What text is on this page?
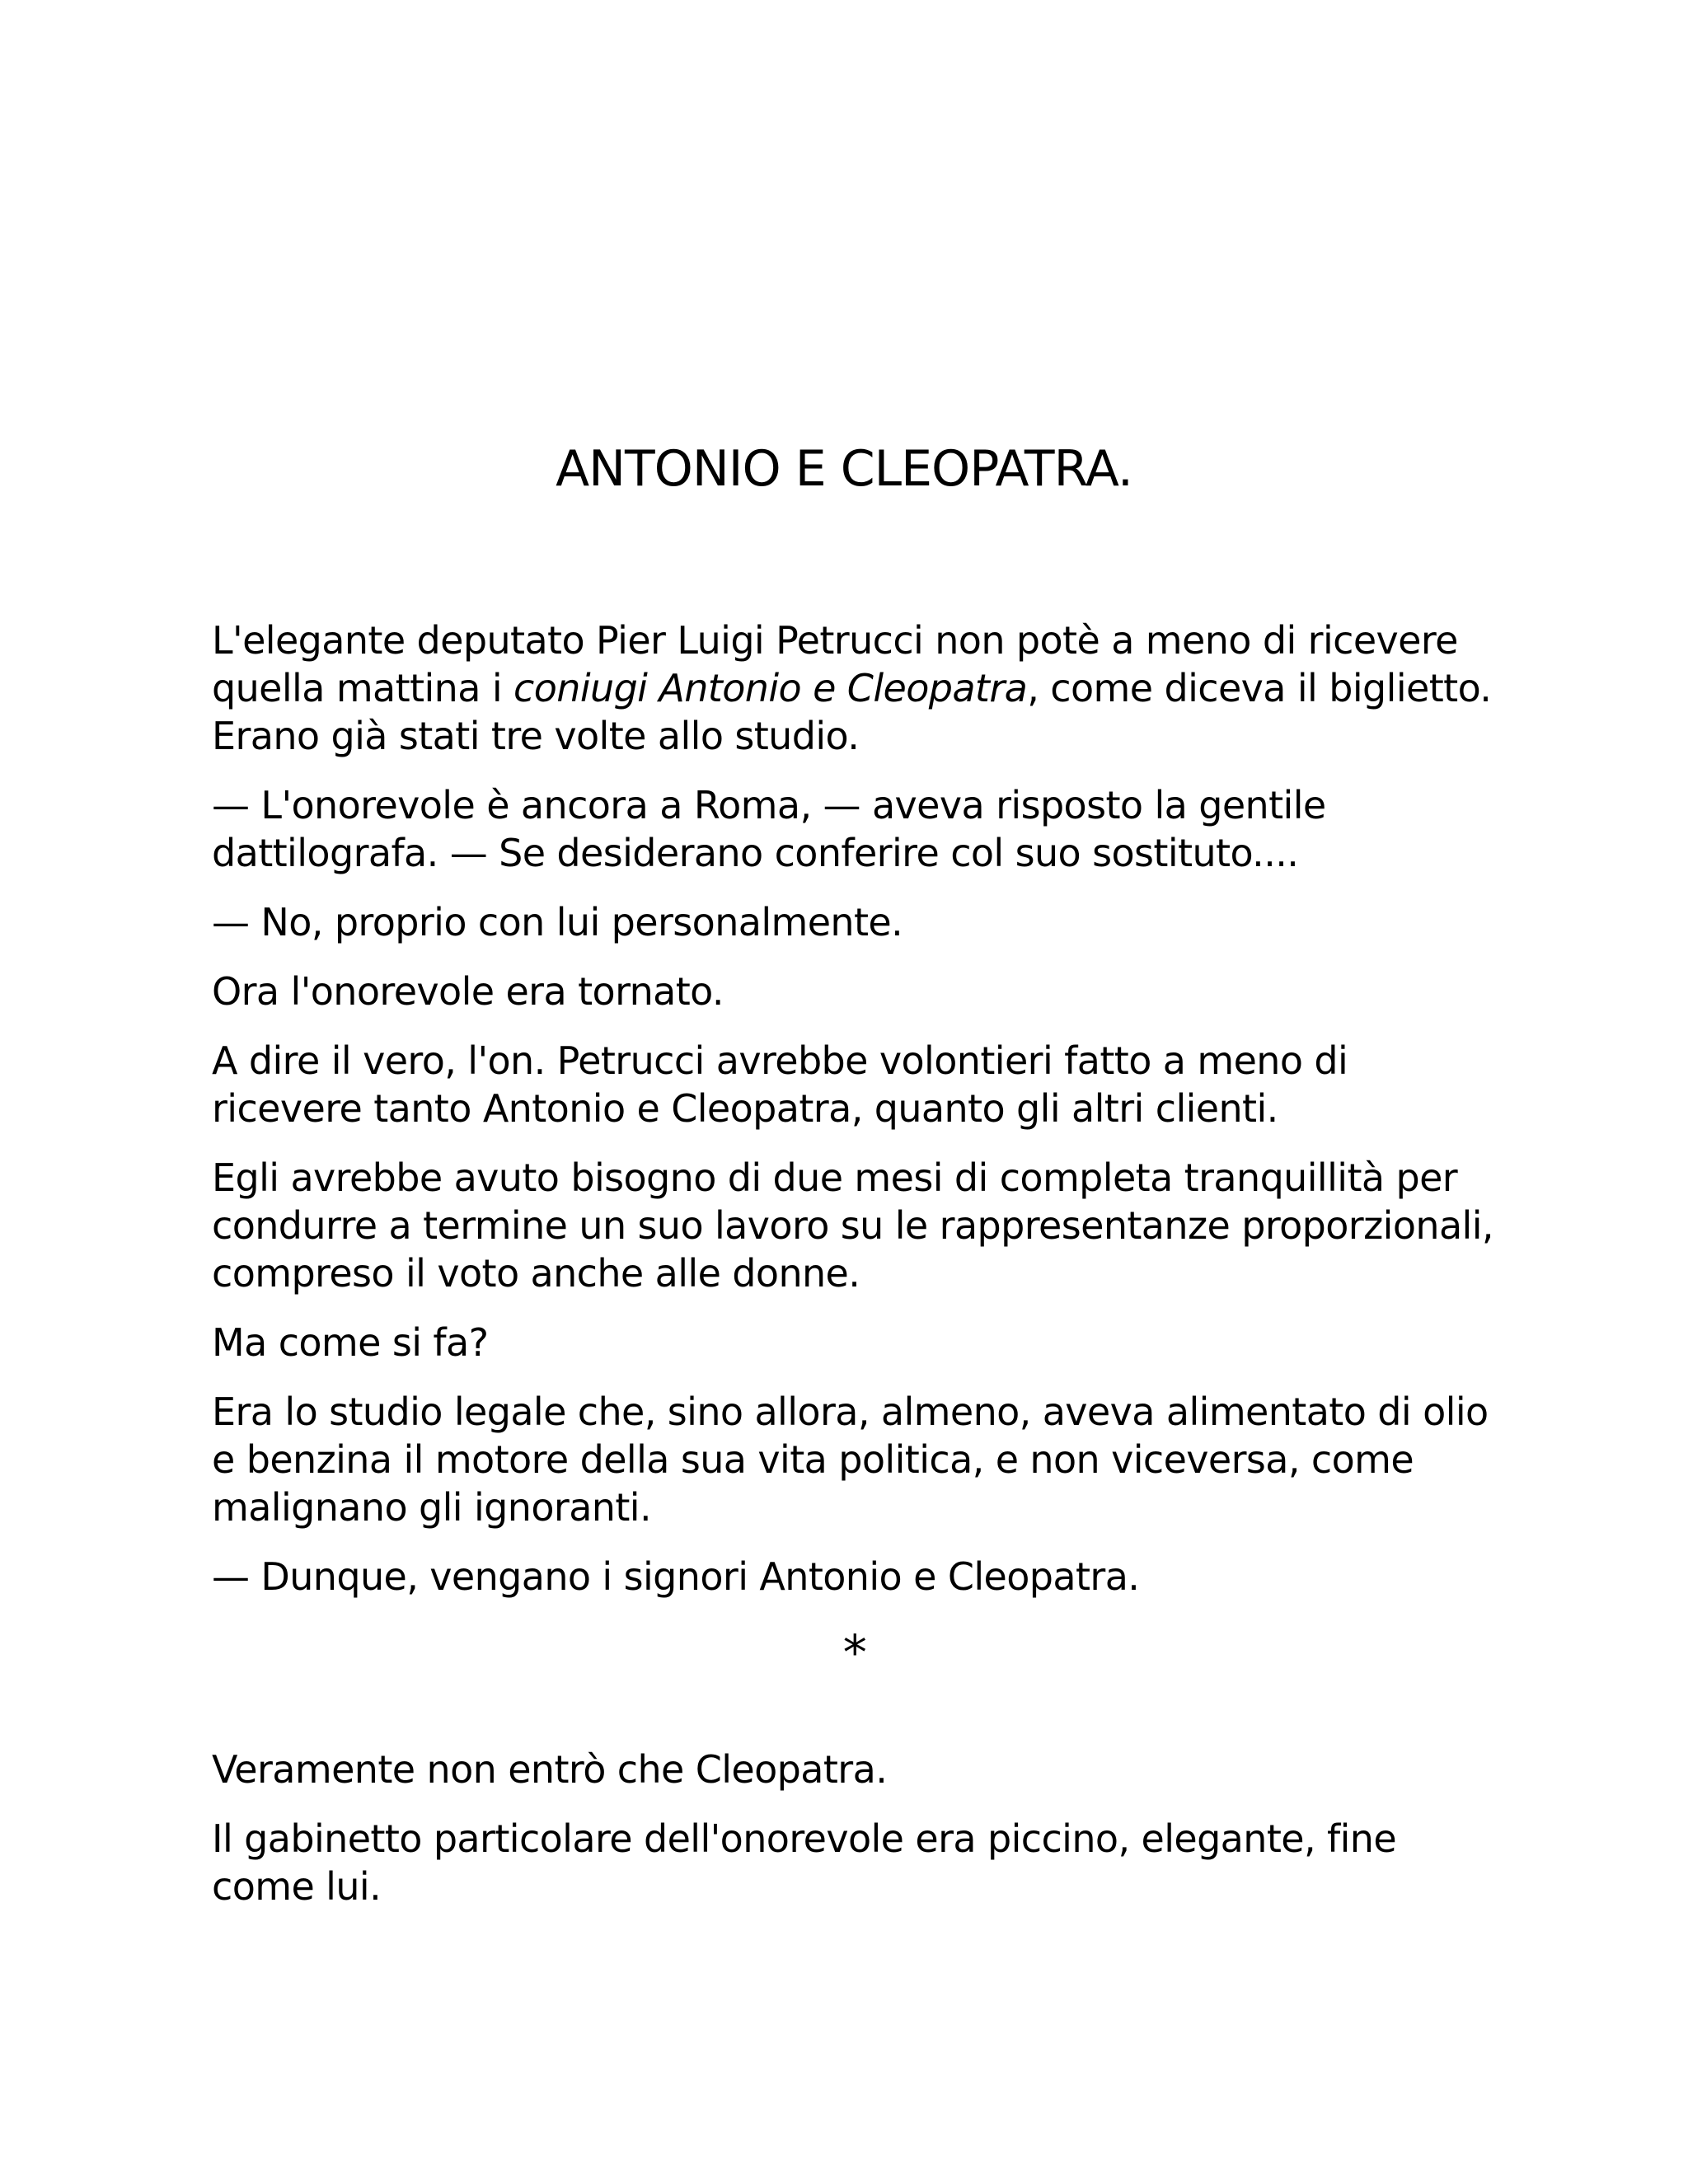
ANTONIO E CLEOPATRA.

L'elegante deputato Pier Luigi Petrucci non potè a meno di ricevere quella mattina i coniugi Antonio e Cleopatra, come diceva il biglietto. Erano già stati tre volte allo studio.

— L'onorevole è ancora a Roma, — aveva risposto la gentile dattilografa. — Se desiderano conferire col suo sostituto....

— No, proprio con lui personalmente.

Ora l'onorevole era tornato.

A dire il vero, l'on. Petrucci avrebbe volontieri fatto a meno di ricevere tanto Antonio e Cleopatra, quanto gli altri clienti.

Egli avrebbe avuto bisogno di due mesi di completa tranquillità per condurre a termine un suo lavoro su le rappresentanze proporzionali, compreso il voto anche alle donne.

Ma come si fa?

Era lo studio legale che, sino allora, almeno, aveva alimentato di olio e benzina il motore della sua vita politica, e non viceversa, come malignano gli ignoranti.

— Dunque, vengano i signori Antonio e Cleopatra.

*

Veramente non entrò che Cleopatra.

Il gabinetto particolare dell'onorevole era piccino, elegante, fine come lui.
